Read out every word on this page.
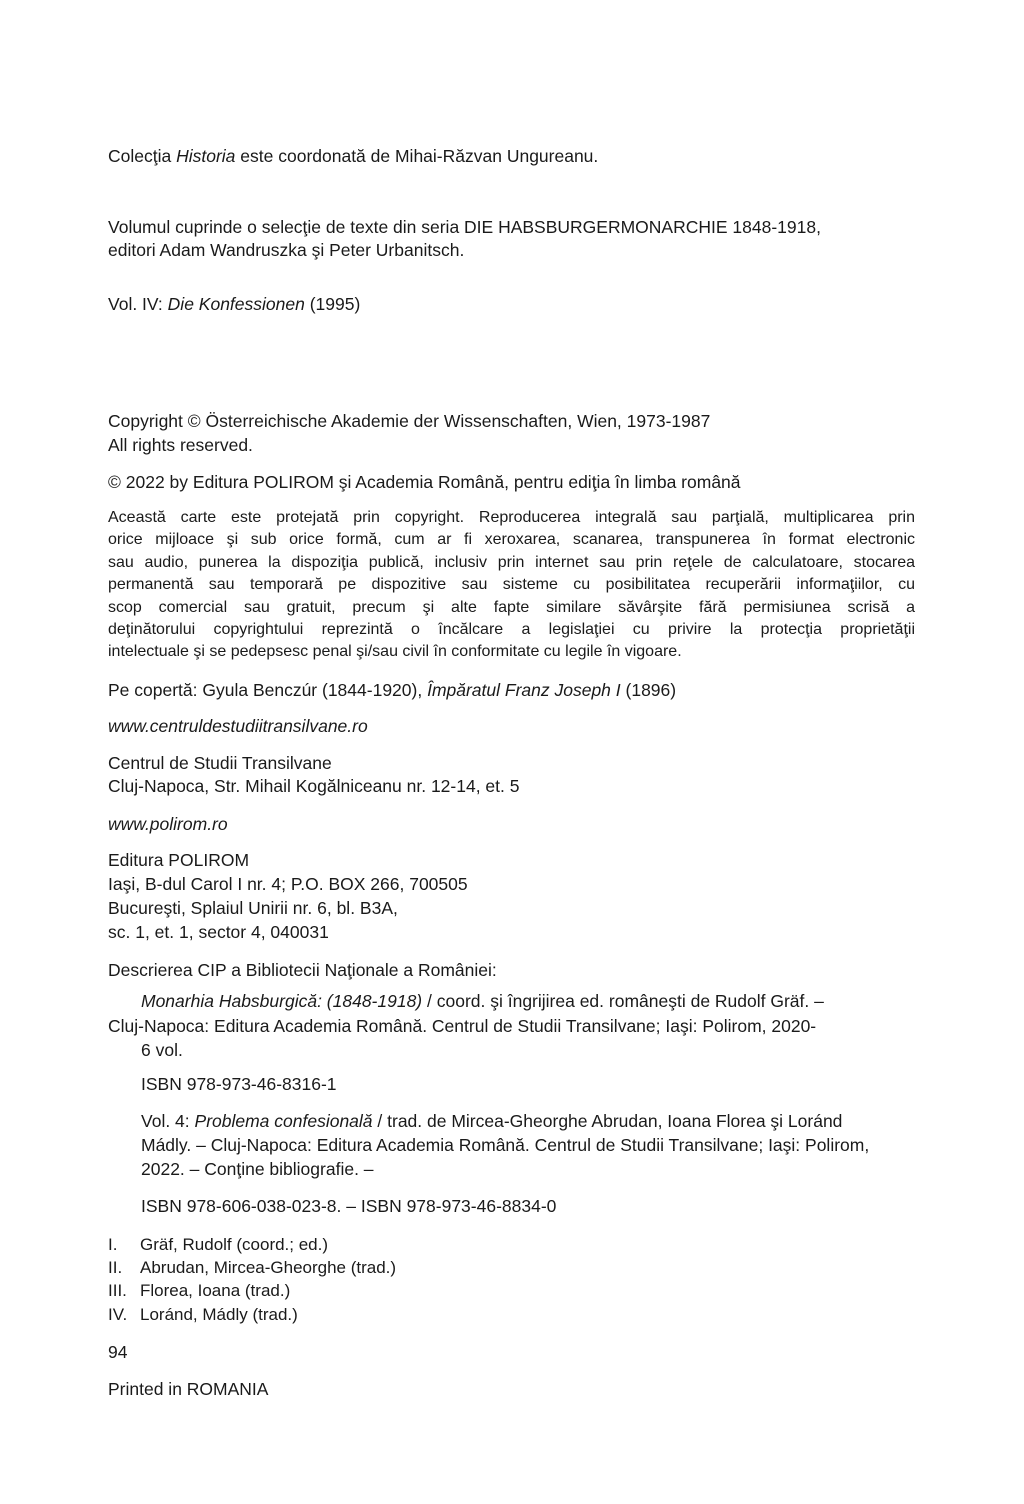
Colecţia Historia este coordonată de Mihai-Răzvan Ungureanu.
Volumul cuprinde o selecţie de texte din seria DIE HABSBURGERMONARCHIE 1848-1918,
editori Adam Wandruszka şi Peter Urbanitsch.
Vol. IV: Die Konfessionen (1995)
Copyright © Österreichische Akademie der Wissenschaften, Wien, 1973-1987
All rights reserved.
© 2022 by Editura POLIROM şi Academia Română, pentru ediţia în limba română
Această carte este protejată prin copyright. Reproducerea integrală sau parţială, multiplicarea prin
orice mijloace şi sub orice formă, cum ar fi xeroxarea, scanarea, transpunerea în format electronic
sau audio, punerea la dispoziţia publică, inclusiv prin internet sau prin reţele de calculatoare, stocarea
permanentă sau temporară pe dispozitive sau sisteme cu posibilitatea recuperării informaţiilor, cu
scop comercial sau gratuit, precum şi alte fapte similare săvârşite fără permisiunea scrisă a
deţinătorului copyrightului reprezintă o încălcare a legislaţiei cu privire la protecţia proprietăţii
intelectuale şi se pedepsesc penal şi/sau civil în conformitate cu legile în vigoare.
Pe copertă: Gyula Benczúr (1844-1920), Împăratul Franz Joseph I (1896)
www.centruldestudiitransilvane.ro
Centrul de Studii Transilvane
Cluj-Napoca, Str. Mihail Kogălniceanu nr. 12-14, et. 5
www.polirom.ro
Editura POLIROM
Iaşi, B-dul Carol I nr. 4; P.O. BOX 266, 700505
Bucureşti, Splaiul Unirii nr. 6, bl. B3A,
sc. 1, et. 1, sector 4, 040031
Descrierea CIP a Bibliotecii Naţionale a României:
Monarhia Habsburgică: (1848-1918) / coord. şi îngrijirea ed. româneşti de Rudolf Gräf. –
Cluj-Napoca: Editura Academia Română. Centrul de Studii Transilvane; Iaşi: Polirom, 2020-
6 vol.
ISBN 978-973-46-8316-1
Vol. 4: Problema confesională / trad. de Mircea-Gheorghe Abrudan, Ioana Florea şi Loránd
Mádly. – Cluj-Napoca: Editura Academia Română. Centrul de Studii Transilvane; Iaşi: Polirom,
2022. – Conţine bibliografie. –
ISBN 978-606-038-023-8. – ISBN 978-973-46-8834-0
I. Gräf, Rudolf (coord.; ed.)
II. Abrudan, Mircea-Gheorghe (trad.)
III. Florea, Ioana (trad.)
IV. Loránd, Mádly (trad.)
94
Printed in ROMANIA
